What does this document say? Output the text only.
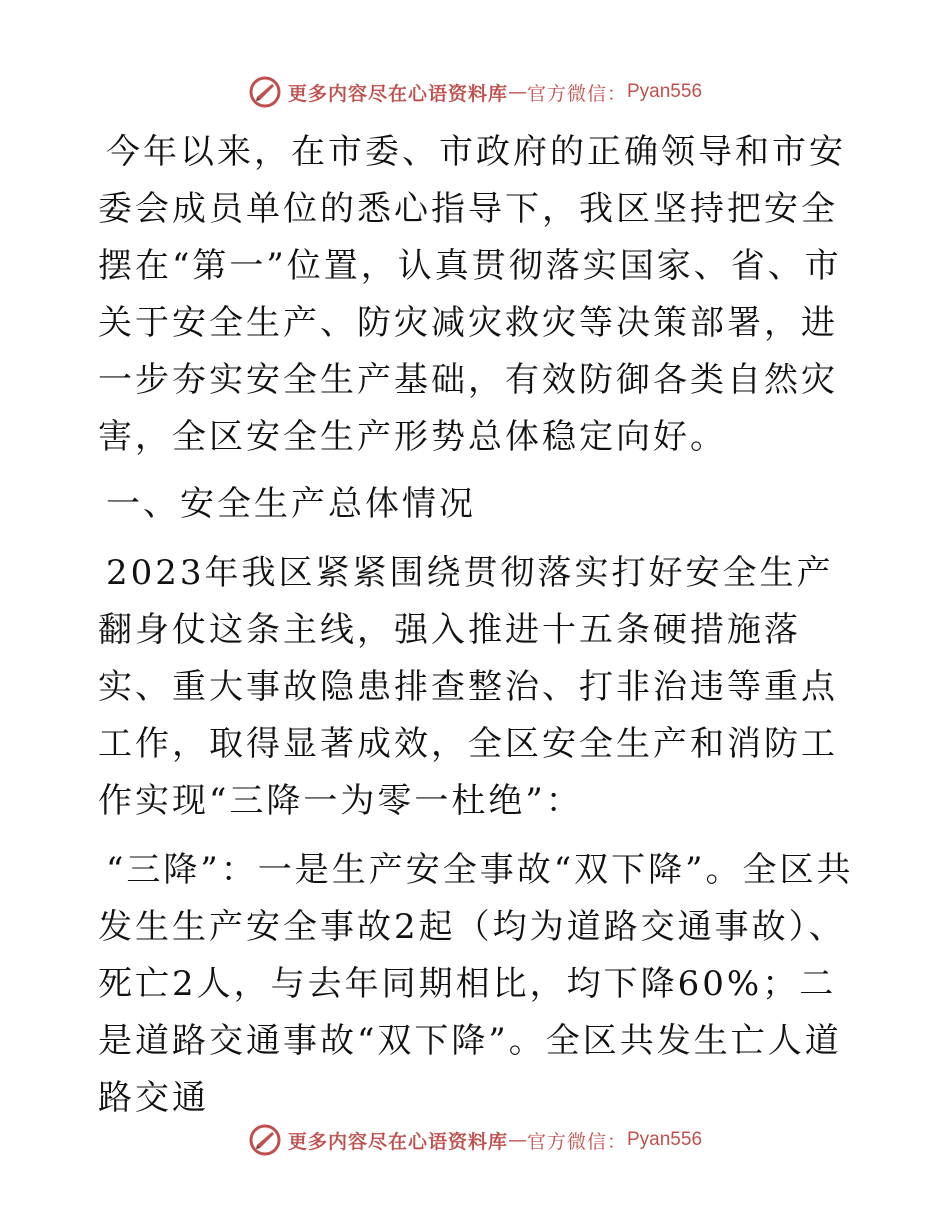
更多内容尽在心语资料库 — 官方微信： Pyan556

今年以来，在市委、市政府的正确领导和市安委会成员单位的悉心指导下，我区坚持把安全摆在“第一”位置，认真贯彻落实国家、省、市关于安全生产、防灾减灾救灾等决策部署，进一步夯实安全生产基础，有效防御各类自然灾害，全区安全生产形势总体稳定向好。

一、安全生产总体情况

2023年我区紧紧围绕贯彻落实打好安全生产翻身仗这条主线，强入推进十五条硬措施落实、重大事故隐患排查整治、打非治违等重点工作，取得显著成效，全区安全生产和消防工作实现“三降一为零一杜绝”：

“三降”：一是生产安全事故“双下降”。全区共发生生产安全事故2起（均为道路交通事故）、死亡2人，与去年同期相比，均下降60%；二是道路交通事故“双下降”。全区共发生亡人道路交通

更多内容尽在心语资料库 — 官方微信： Pyan556
